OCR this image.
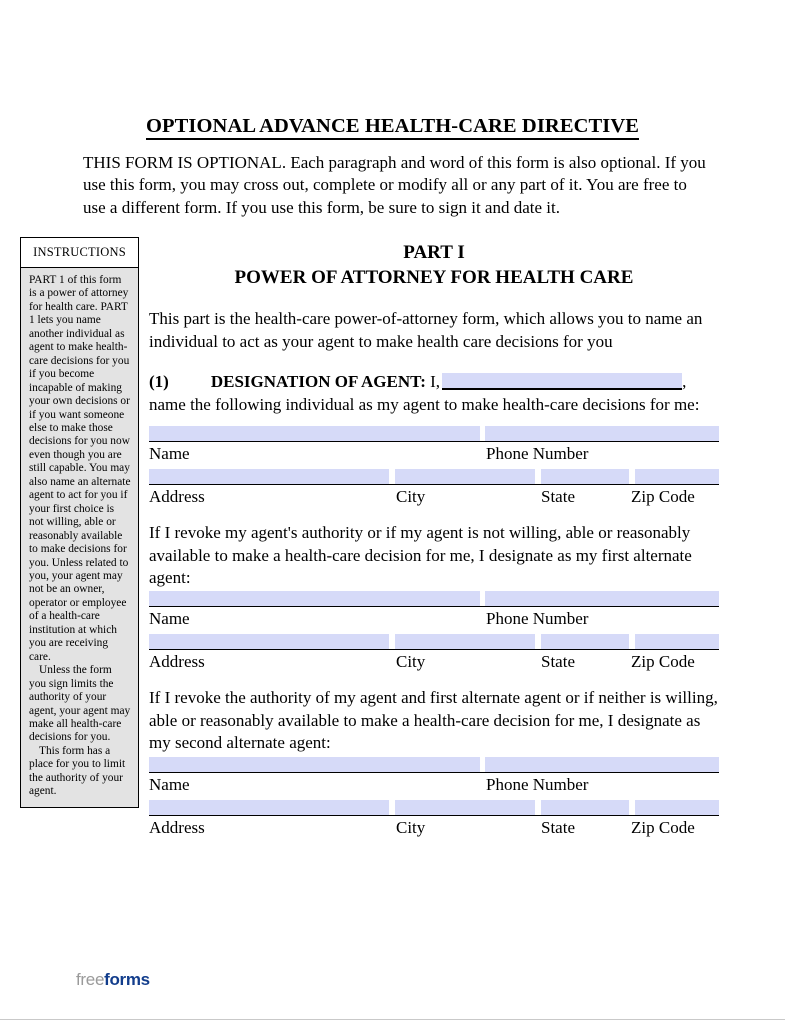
OPTIONAL ADVANCE HEALTH-CARE DIRECTIVE
THIS FORM IS OPTIONAL. Each paragraph and word of this form is also optional. If you use this form, you may cross out, complete or modify all or any part of it. You are free to use a different form. If you use this form, be sure to sign it and date it.
INSTRUCTIONS

PART 1 of this form is a power of attorney for health care. PART 1 lets you name another individual as agent to make health-care decisions for you if you become incapable of making your own decisions or if you want someone else to make those decisions for you now even though you are still capable. You may also name an alternate agent to act for you if your first choice is not willing, able or reasonably available to make decisions for you. Unless related to you, your agent may not be an owner, operator or employee of a health-care institution at which you are receiving care.

Unless the form you sign limits the authority of your agent, your agent may make all health-care decisions for you.

This form has a place for you to limit the authority of your agent.

PART I
POWER OF ATTORNEY FOR HEALTH CARE
This part is the health-care power-of-attorney form, which allows you to name an individual to act as your agent to make health care decisions for you
(1) DESIGNATION OF AGENT: I,	,
name the following individual as my agent to make health-care decisions for me:
Name	Phone Number
Address	City	State	Zip Code
If I revoke my agent's authority or if my agent is not willing, able or reasonably available to make a health-care decision for me, I designate as my first alternate agent:
Name	Phone Number
Address	City	State	Zip Code
If I revoke the authority of my agent and first alternate agent or if neither is willing, able or reasonably available to make a health-care decision for me, I designate as my second alternate agent:
Name	Phone Number
Address	City	State	Zip Code
freeforms
